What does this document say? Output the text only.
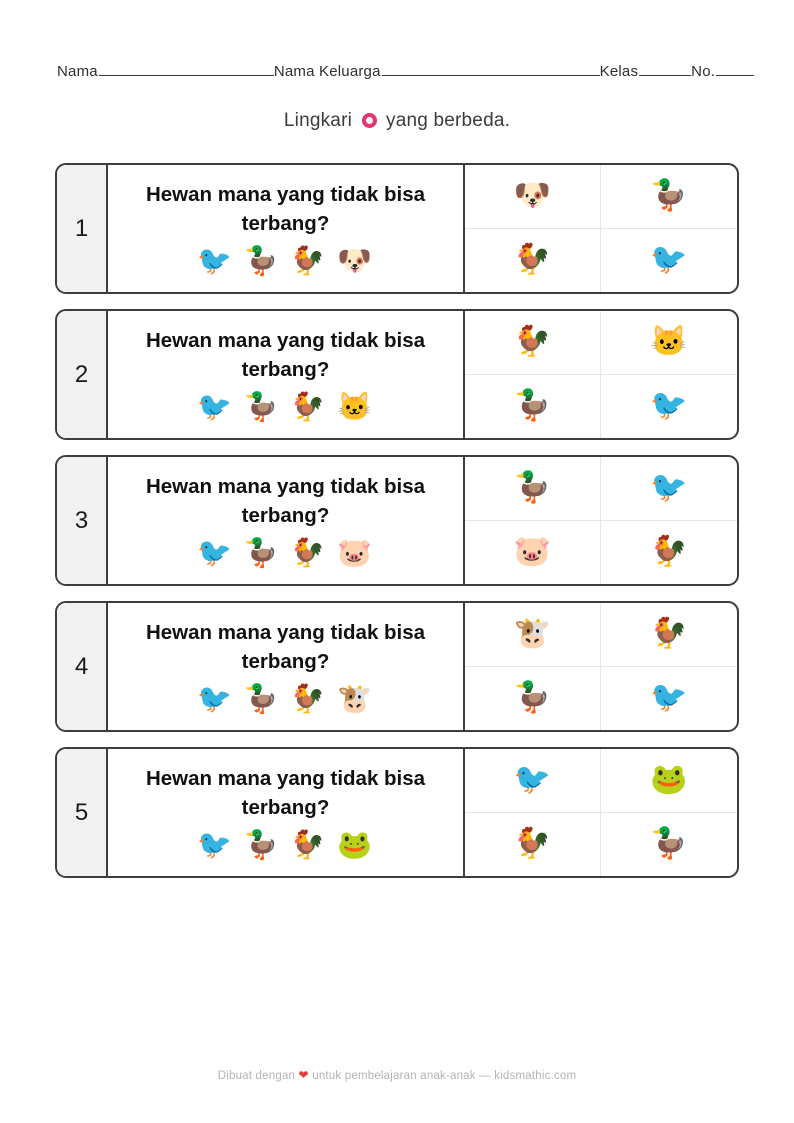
Nama	Nama Keluarga	Kelas	No.
Lingkari yang berbeda.
1
Hewan mana yang tidak bisa terbang?
🐦 🦆 🐓 🐶
🐶	🦆
🐓	🐦
2
Hewan mana yang tidak bisa terbang?
🐦 🦆 🐓 🐱
🐓	🐱
🦆	🐦
3
Hewan mana yang tidak bisa terbang?
🐦 🦆 🐓 🐷
🦆	🐦
🐷	🐓
4
Hewan mana yang tidak bisa terbang?
🐦 🦆 🐓 🐮
🐮	🐓
🦆	🐦
5
Hewan mana yang tidak bisa terbang?
🐦 🦆 🐓 🐸
🐦	🐸
🐓	🦆
Dibuat dengan ❤ untuk pembelajaran anak-anak — kidsmathic.com
